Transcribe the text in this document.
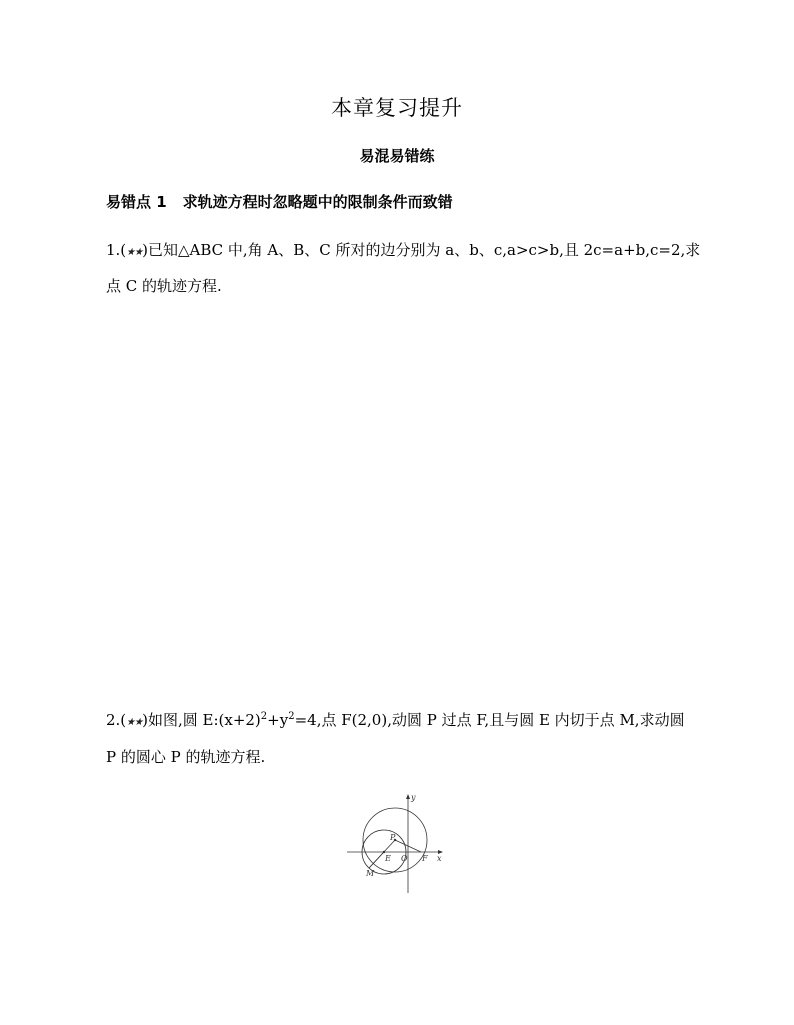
本章复习提升
易混易错练
易错点 1 求轨迹方程时忽略题中的限制条件而致错
1.(★★)已知△ABC 中,角 A、B、C 所对的边分别为 a、b、c,a>c>b,且 2c=a+b,c=2,求
点 C 的轨迹方程.
2.(★★)如图,圆 $E:(x+2)^2+y^2=4$,点 F(2,0),动圆 P 过点 F,且与圆 E 内切于点 M,求动圆
P 的圆心 P 的轨迹方程.
y
x
P
E O F
M
